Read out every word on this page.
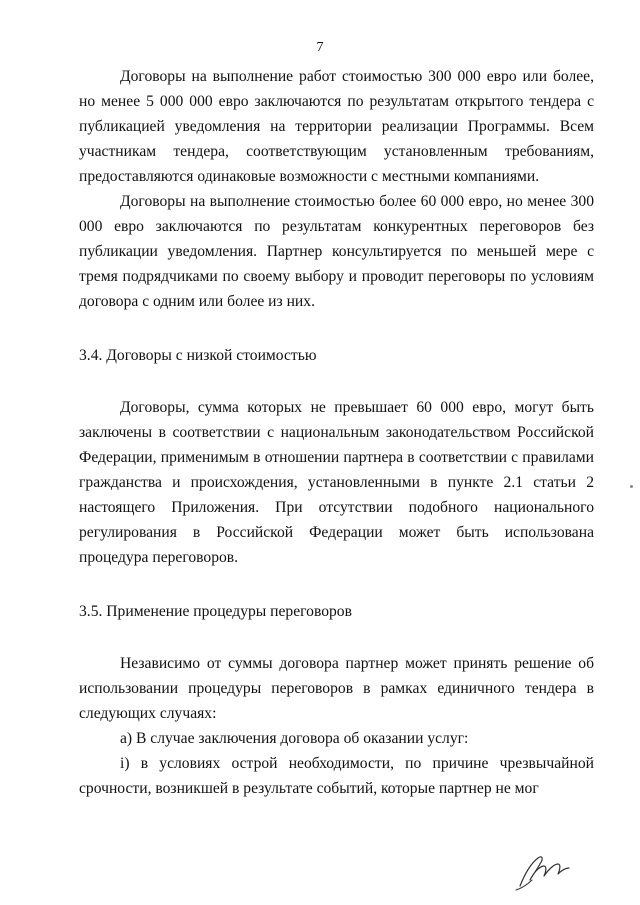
7

Договоры на выполнение работ стоимостью 300 000 евро или более, но менее 5 000 000 евро заключаются по результатам открытого тендера с публикацией уведомления на территории реализации Программы. Всем участникам тендера, соответствующим установленным требованиям, предоставляются одинаковые возможности с местными компаниями.

Договоры на выполнение стоимостью более 60 000 евро, но менее 300 000 евро заключаются по результатам конкурентных переговоров без публикации уведомления. Партнер консультируется по меньшей мере с тремя подрядчиками по своему выбору и проводит переговоры по условиям договора с одним или более из них.

3.4. Договоры с низкой стоимостью

Договоры, сумма которых не превышает 60 000 евро, могут быть заключены в соответствии с национальным законодательством Российской Федерации, применимым в отношении партнера в соответствии с правилами гражданства и происхождения, установленными в пункте 2.1 статьи 2 настоящего Приложения. При отсутствии подобного национального регулирования в Российской Федерации может быть использована процедура переговоров.

3.5. Применение процедуры переговоров

Независимо от суммы договора партнер может принять решение об использовании процедуры переговоров в рамках единичного тендера в следующих случаях:

а) В случае заключения договора об оказании услуг:

i) в условиях острой необходимости, по причине чрезвычайной срочности, возникшей в результате событий, которые партнер не мог
